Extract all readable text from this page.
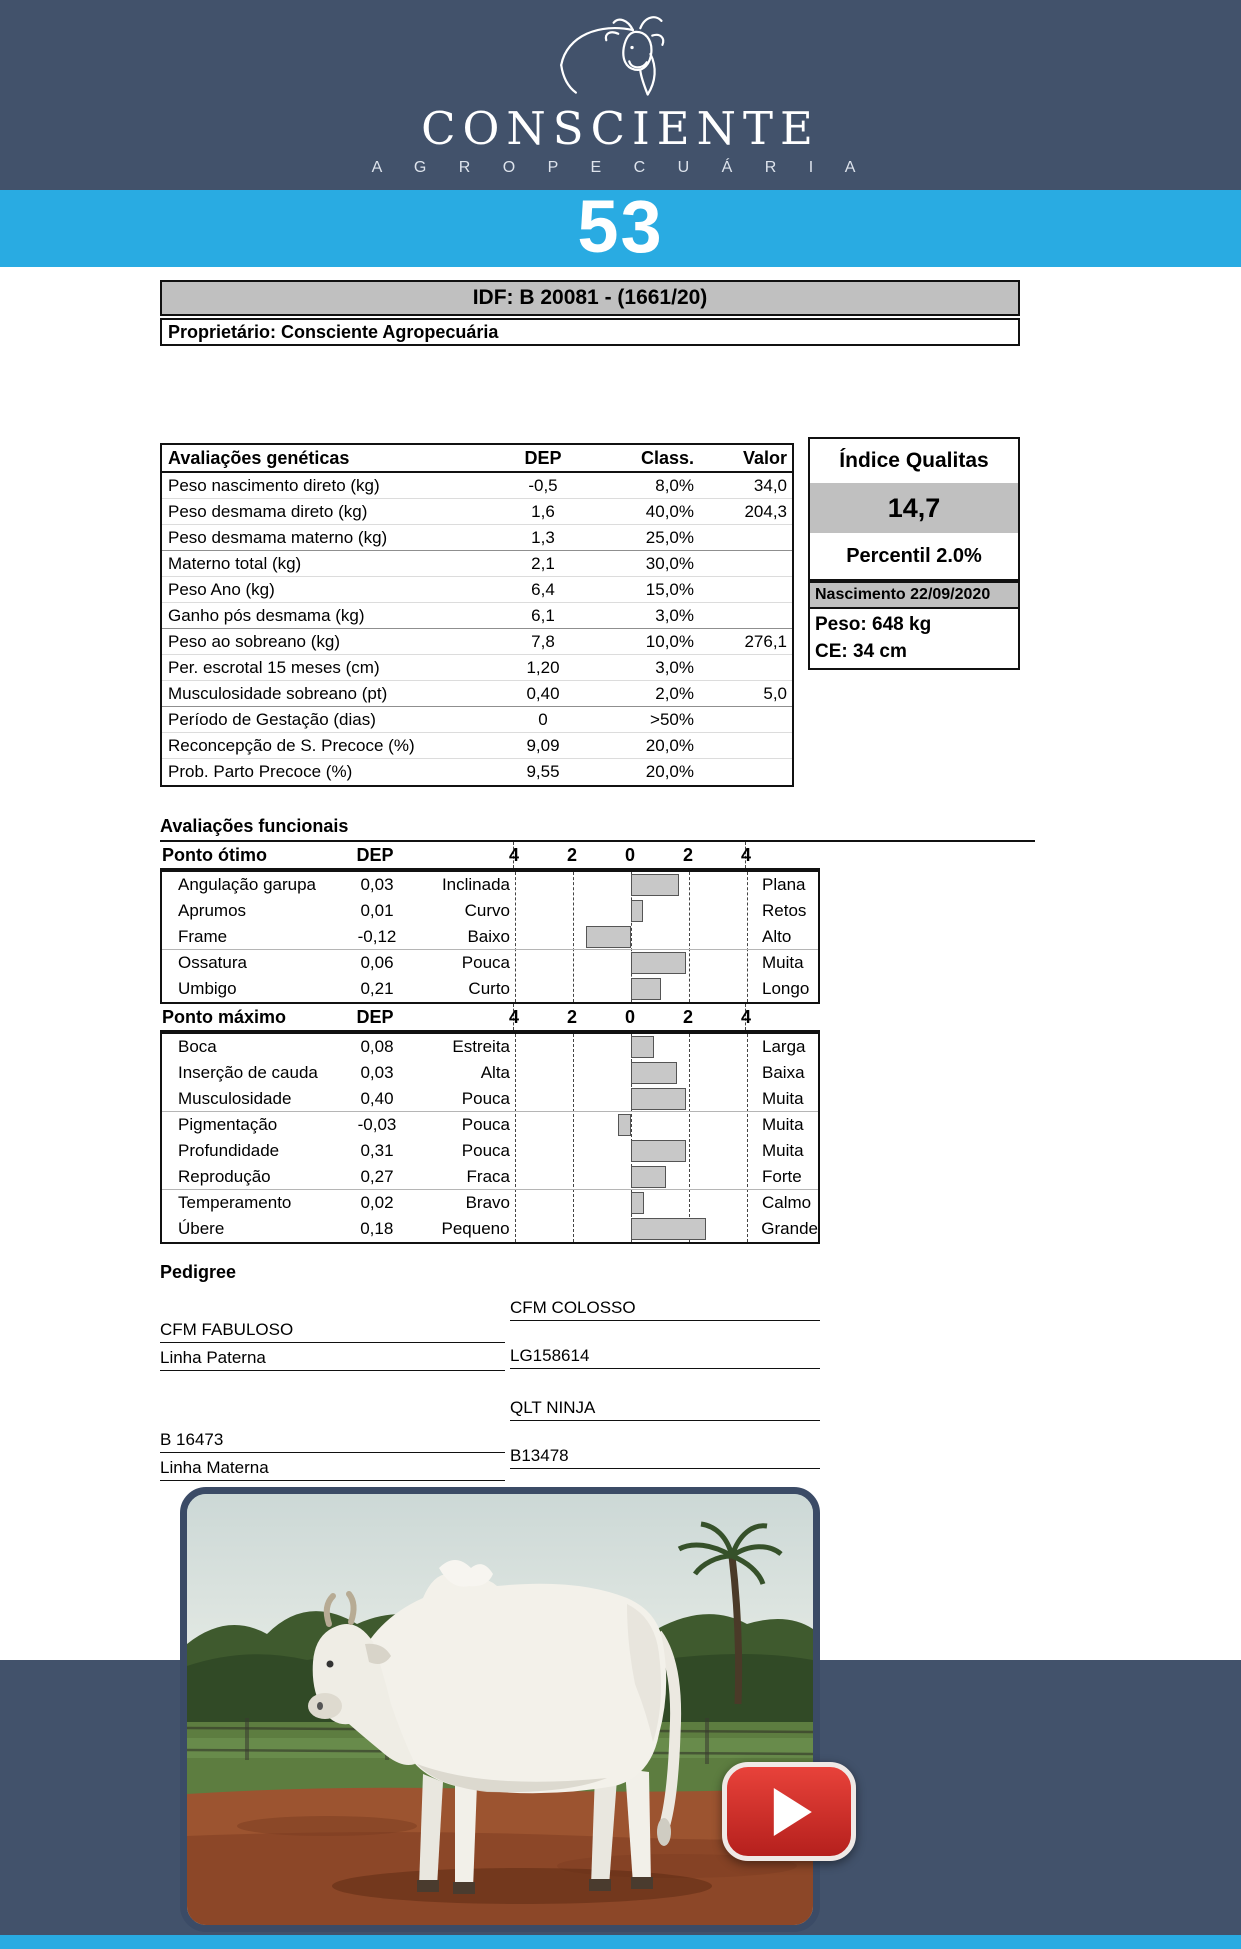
CONSCIENTE
A G R O P E C U Á R I A
53
IDF: B 20081 - (1661/20)
Proprietário: Consciente Agropecuária
Avaliações genéticas	DEP	Class.	Valor
Peso nascimento direto (kg)	-0,5	8,0%	34,0
Peso desmama direto (kg)	1,6	40,0%	204,3
Peso desmama materno (kg)	1,3	25,0%
Materno total (kg)	2,1	30,0%
Peso Ano (kg)	6,4	15,0%
Ganho pós desmama (kg)	6,1	3,0%
Peso ao sobreano (kg)	7,8	10,0%	276,1
Per. escrotal 15 meses (cm)	1,20	3,0%
Musculosidade sobreano (pt)	0,40	2,0%	5,0
Período de Gestação (dias)	0	>50%
Reconcepção de S. Precoce (%)	9,09	20,0%
Prob. Parto Precoce (%)	9,55	20,0%
Índice Qualitas
14,7
Percentil 2.0%
Nascimento 22/09/2020
Peso: 648 kg
CE: 34 cm
Avaliações funcionais
Ponto ótimo	DEP	4	2	0	2	4
Angulação garupa	0,03	Inclinada	Plana
Aprumos	0,01	Curvo	Retos
Frame	-0,12	Baixo	Alto
Ossatura	0,06	Pouca	Muita
Umbigo	0,21	Curto	Longo
Ponto máximo	DEP	4	2	0	2	4
Boca	0,08	Estreita	Larga
Inserção de cauda	0,03	Alta	Baixa
Musculosidade	0,40	Pouca	Muita
Pigmentação	-0,03	Pouca	Muita
Profundidade	0,31	Pouca	Muita
Reprodução	0,27	Fraca	Forte
Temperamento	0,02	Bravo	Calmo
Úbere	0,18	Pequeno	Grande
Pedigree
CFM FABULOSO
Linha Paterna
B 16473
Linha Materna
CFM COLOSSO
LG158614
QLT NINJA
B13478
